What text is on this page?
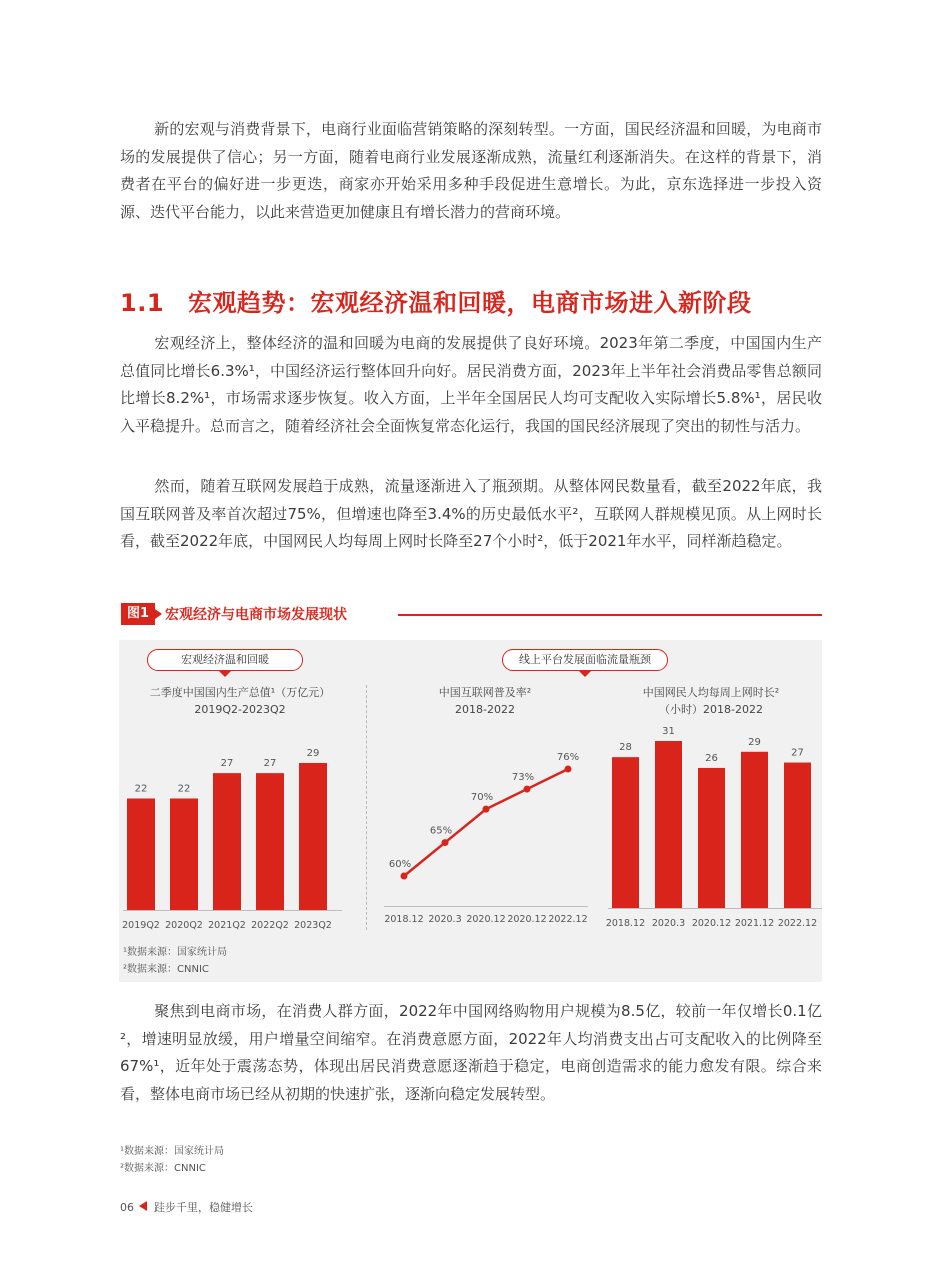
新的宏观与消费背景下，电商行业面临营销策略的深刻转型。一方面，国民经济温和回暖，为电商市场的发展提供了信心；另一方面，随着电商行业发展逐渐成熟，流量红利逐渐消失。在这样的背景下，消费者在平台的偏好进一步更迭，商家亦开始采用多种手段促进生意增长。为此，京东选择进一步投入资源、迭代平台能力，以此来营造更加健康且有增长潜力的营商环境。
1.1 宏观趋势：宏观经济温和回暖，电商市场进入新阶段
宏观经济上，整体经济的温和回暖为电商的发展提供了良好环境。2023年第二季度，中国国内生产总值同比增长6.3%¹，中国经济运行整体回升向好。居民消费方面，2023年上半年社会消费品零售总额同比增长8.2%¹，市场需求逐步恢复。收入方面，上半年全国居民人均可支配收入实际增长5.8%¹，居民收入平稳提升。总而言之，随着经济社会全面恢复常态化运行，我国的国民经济展现了突出的韧性与活力。
然而，随着互联网发展趋于成熟，流量逐渐进入了瓶颈期。从整体网民数量看，截至2022年底，我国互联网普及率首次超过75%，但增速也降至3.4%的历史最低水平²，互联网人群规模见顶。从上网时长看，截至2022年底，中国网民人均每周上网时长降至27个小时²，低于2021年水平，同样渐趋稳定。
图1	宏观经济与电商市场发展现状
宏观经济温和回暖	线上平台发展面临流量瓶颈
二季度中国国内生产总值¹（万亿元）
2019Q2-2023Q2
中国互联网普及率²
2018-2022
中国网民人均每周上网时长²
（小时）2018-2022
22
2019Q2
22
2020Q2
27
2021Q2
27
2022Q2
29
2023Q2
60%
2018.12
65%
2020.3
70%
2020.12
73%
2020.12
76%
2022.12
28
2018.12
31
2020.3
26
2020.12
29
2021.12
27
2022.12
¹数据来源：国家统计局
²数据来源：CNNIC
聚焦到电商市场，在消费人群方面，2022年中国网络购物用户规模为8.5亿，较前一年仅增长0.1亿²，增速明显放缓，用户增量空间缩窄。在消费意愿方面，2022年人均消费支出占可支配收入的比例降至67%¹，近年处于震荡态势，体现出居民消费意愿逐渐趋于稳定，电商创造需求的能力愈发有限。综合来看，整体电商市场已经从初期的快速扩张，逐渐向稳定发展转型。
¹数据来源：国家统计局
²数据来源：CNNIC
06 跬步千里，稳健增长
